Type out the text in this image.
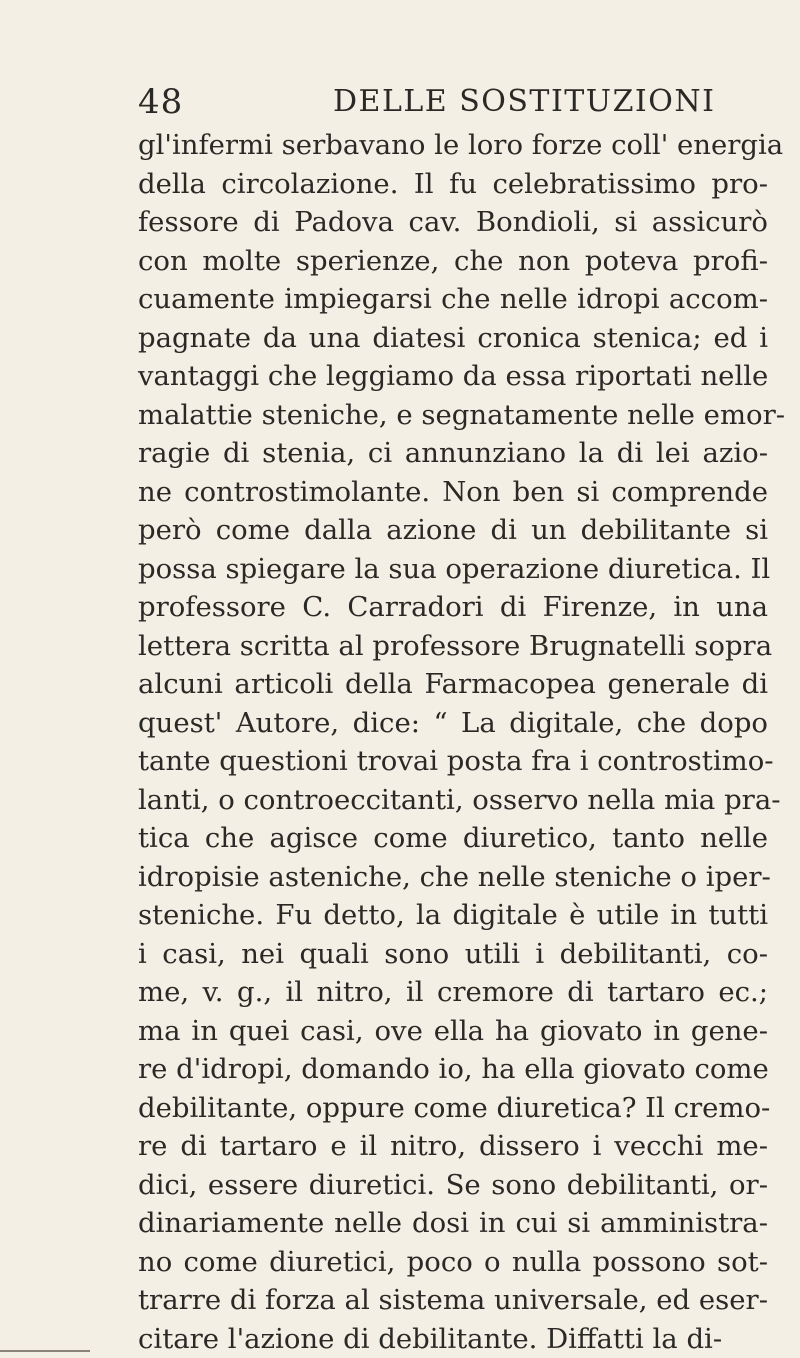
48	DELLE SOSTITUZIONI
gl'infermi serbavano le loro forze coll' energia
della circolazione. Il fu celebratissimo pro-
fessore di Padova cav. Bondioli, si assicurò
con molte sperienze, che non poteva profi-
cuamente impiegarsi che nelle idropi accom-
pagnate da una diatesi cronica stenica; ed i
vantaggi che leggiamo da essa riportati nelle
malattie steniche, e segnatamente nelle emor-
ragie di stenia, ci annunziano la di lei azio-
ne controstimolante. Non ben si comprende
però come dalla azione di un debilitante si
possa spiegare la sua operazione diuretica. Il
professore C. Carradori di Firenze, in una
lettera scritta al professore Brugnatelli sopra
alcuni articoli della Farmacopea generale di
quest' Autore, dice: “ La digitale, che dopo
tante questioni trovai posta fra i controstimo-
lanti, o controeccitanti, osservo nella mia pra-
tica che agisce come diuretico, tanto nelle
idropisie asteniche, che nelle steniche o iper-
steniche. Fu detto, la digitale è utile in tutti
i casi, nei quali sono utili i debilitanti, co-
me, v. g., il nitro, il cremore di tartaro ec.;
ma in quei casi, ove ella ha giovato in gene-
re d'idropi, domando io, ha ella giovato come
debilitante, oppure come diuretica? Il cremo-
re di tartaro e il nitro, dissero i vecchi me-
dici, essere diuretici. Se sono debilitanti, or-
dinariamente nelle dosi in cui si amministra-
no come diuretici, poco o nulla possono sot-
trarre di forza al sistema universale, ed eser-
citare l'azione di debilitante. Diffatti la di-
